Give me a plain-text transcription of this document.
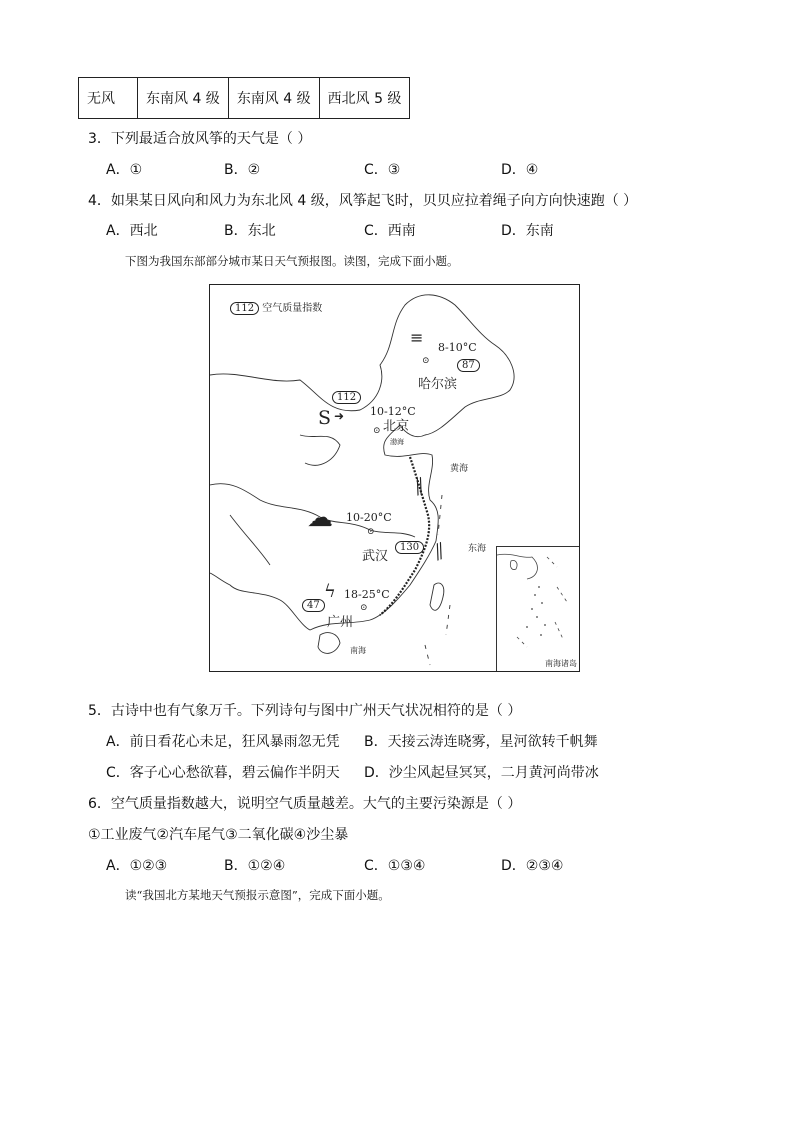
无风	东南风 4 级	东南风 4 级	西北风 5 级
3．下列最适合放风筝的天气是（ ）
A．①	B．②	C．③	D．④
4．如果某日风向和风力为东北风 4 级，风筝起飞时，贝贝应拉着绳子向方向快速跑（ ）
A．西北	B．东北	C．西南	D．东南
下图为我国东部部分城市某日天气预报图。读图，完成下面小题。
112 空气质量指数
≡
8-10°C
⊙	87
哈尔滨
112
S ➜ 10-12°C
⊙ 北京
渤海
黄海
⫽
⫽
☁ 10-20°C
⊙
130
武汉	东海
ϟ 18-25°C
⊙
47
广州
南海
南海诸岛
5．古诗中也有气象万千。下列诗句与图中广州天气状况相符的是（ ）
A．前日看花心未足，狂风暴雨忽无凭 B．天接云涛连晓雾，星河欲转千帆舞
C．客子心心愁欲暮，碧云偏作半阴天 D．沙尘风起昼冥冥，二月黄河尚带冰
6．空气质量指数越大，说明空气质量越差。大气的主要污染源是（ ）
①工业废气②汽车尾气③二氧化碳④沙尘暴
A．①②③	B．①②④	C．①③④	D．②③④
读“我国北方某地天气预报示意图”，完成下面小题。
